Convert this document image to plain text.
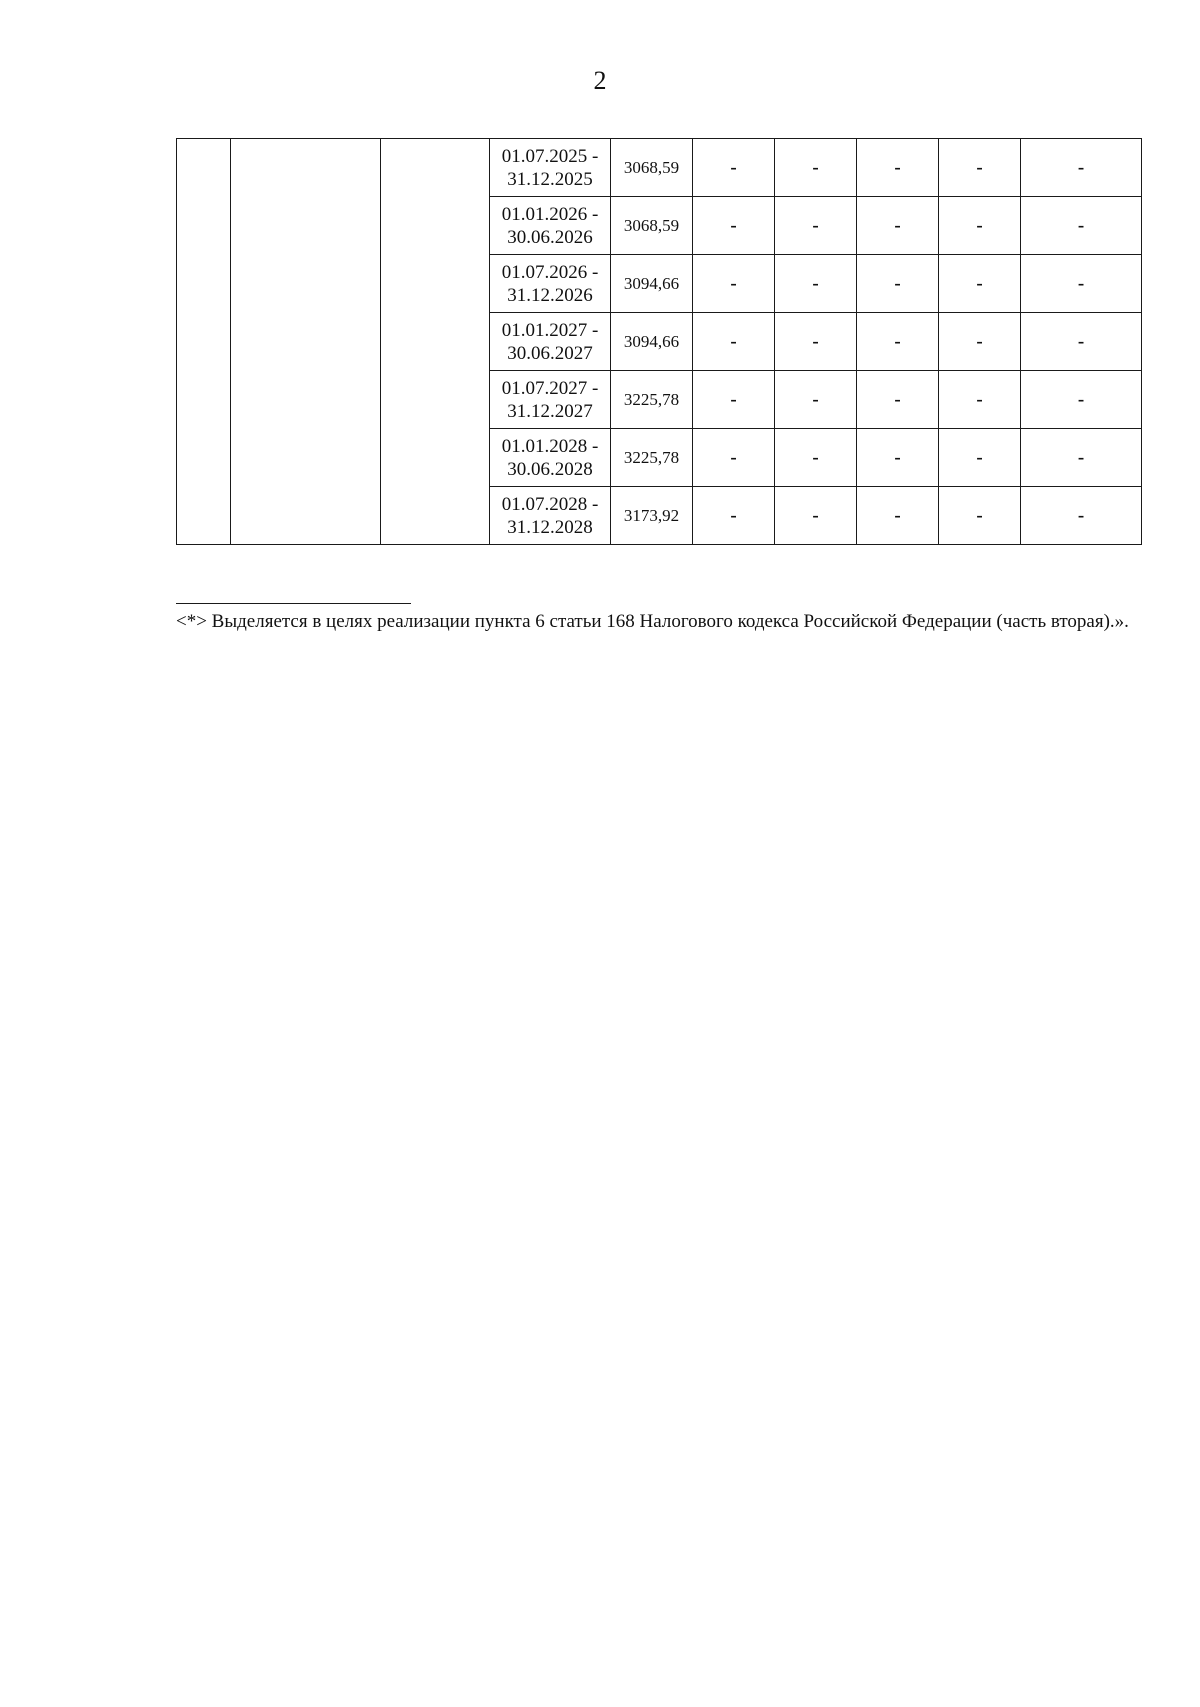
2

			01.07.2025 -
31.12.2025	3068,59	-	-	-	-	-

			01.01.2026 -
30.06.2026	3068,59	-	-	-	-	-

			01.07.2026 -
31.12.2026	3094,66	-	-	-	-	-

			01.01.2027 -
30.06.2027	3094,66	-	-	-	-	-

			01.07.2027 -
31.12.2027	3225,78	-	-	-	-	-

			01.01.2028 -
30.06.2028	3225,78	-	-	-	-	-

			01.07.2028 -
31.12.2028	3173,92	-	-	-	-	-
<*> Выделяется в целях реализации пункта 6 статьи 168 Налогового кодекса Российской Федерации (часть вторая).».
